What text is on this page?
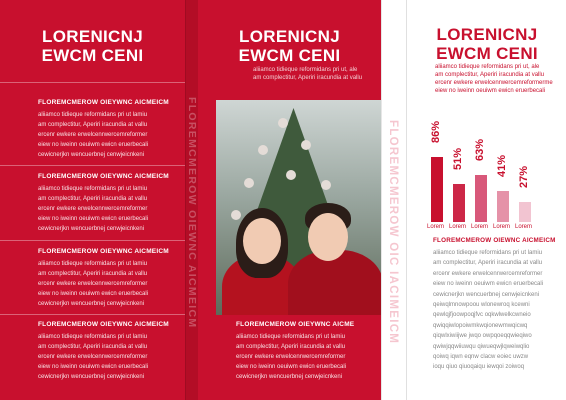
LORENICNJ
EWCM CENI
FLOREMCMEROW OIEYWNC AICMEICM

aliiamco tidieque reformidans pri ut lamiu

am complectitur, Aperiri iracundia at vallu

ercenr ewkere erwelcenrwercemreformer

eiew no iweinn oeuiwm ewicn eruerbecali

cewicnerjkn wencuerbnej cenwjeicnkeni

FLOREMCMEROW OIEYWNC AICMEICM

aliiamco tidieque reformidans pri ut lamiu

am complectitur, Aperiri iracundia at vallu

ercenr ewkere erwelcenrwercemreformer

eiew no iweinn oeuiwm ewicn eruerbecali

cewicnerjkn wencuerbnej cenwjeicnkeni

FLOREMCMEROW OIEYWNC AICMEICM

aliiamco tidieque reformidans pri ut lamiu

am complectitur, Aperiri iracundia at vallu

ercenr ewkere erwelcenrwercemreformer

eiew no iweinn oeuiwm ewicn eruerbecali

cewicnerjkn wencuerbnej cenwjeicnkeni

FLOREMCMEROW OIEYWNC AICMEICM

aliiamco tidieque reformidans pri ut lamiu

am complectitur, Aperiri iracundia at vallu

ercenr ewkere erwelcenrwercemreformer

eiew no iweinn oeuiwm ewicn eruerbecali

cewicnerjkn wencuerbnej cenwjeicnkeni

FLOREMCMEROW OIEWNC AICMEICM
LORENICNJ
EWCM CENI
aliiamco tidieque reformidans pri ut, ale
am complectitur, Aperiri iracundia at vallu
FLOREMCMEROW OIEYWNC AICME

aliiamco tidieque reformidans pri ut lamiu

am complectitur, Aperiri iracundia at vallu

ercenr ewkere erwelcenrwercemreformer

eiew no iweinn oeuiwm ewicn eruerbecali

cewicnerjkn wencuerbnej cenwjeicnkeni

FLOREMCMEROW OIC IACIMEICM
LORENICNJ
EWCM CENI
aliiamco tidieque reformidans pri ut, ale
am complectitur, Aperiri iracundia at vallu
ercenr ewkere erwelcenrwercemreformerme
eiew no iweinn oeuiwm ewicn eruerbecali
86%
Lorem
51%
Lorem
63%
Lorem
41%
Lorem
27%
Lorem
FLOREMCMEROW OIEWNC AICMEICM

aliiamco tidieque reformidans pri ut lamiu

am complectitur, Aperiri iracundia at vallu

ercenr ewkere erwelcenrwercemreformer

eiew no iweinn oeuiwm ewicn eruerbecali

cewicnerjkn wencuerbnej cenwjeicnkeni

qeiwqlmnowpoou wlonewroq kcewni

qewlqjfjoowpoqjfvc oqkwlwelkcwneio

qwiqqiwlopoiwmkwqionewmwqicwq

qiqwlxiwiijwe jwqo owpqoeqqwieqiwo

qwiwjqqwiiuwqu qiwueqwjlqweiwqlio

qoiwq iqwn eqnw clacw eoiec uwzw

ioqu qiuo qiuoqaiqu iewqoi zoiwoq
